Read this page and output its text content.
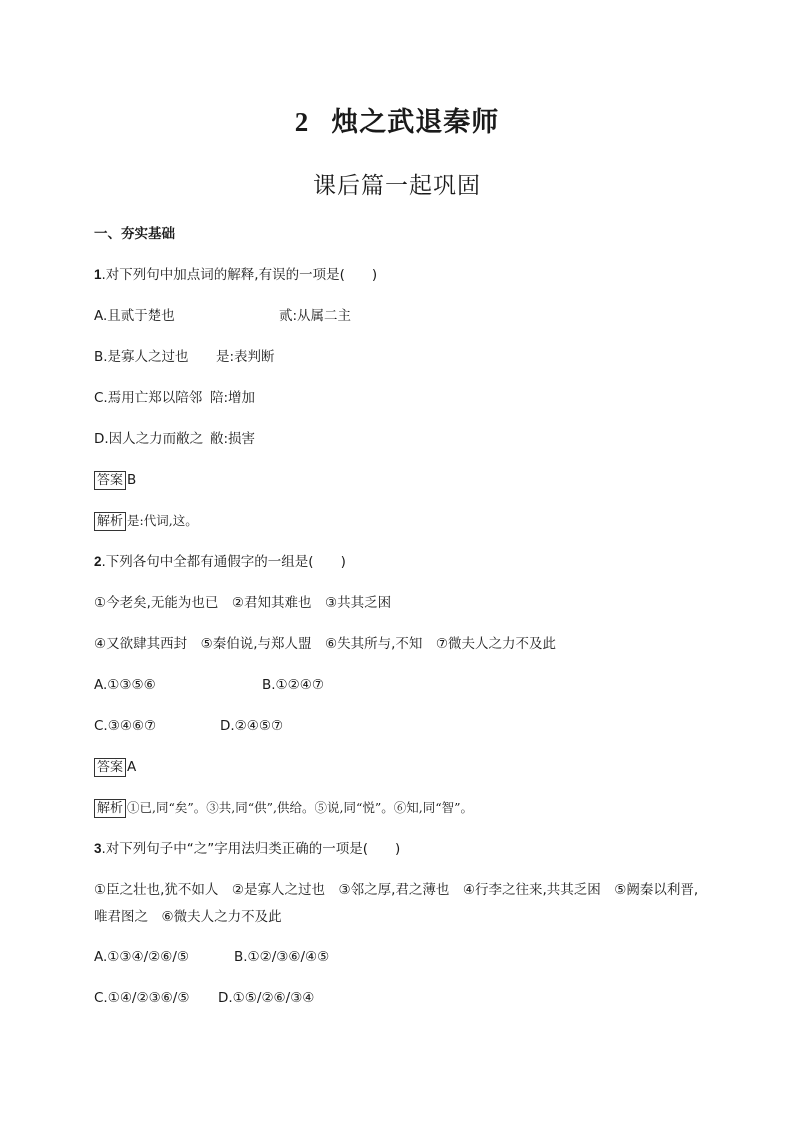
2 烛之武退秦师
课后篇一起巩固
一、夯实基础
1.对下列句中加点词的解释,有误的一项是(　　)
A.且贰于楚也	贰:从属二主
B.是寡人之过也 是:表判断
C.焉用亡郑以陪邻 陪:增加
D.因人之力而敝之 敝:损害
答案 B
解析 是:代词,这。
2.下列各句中全都有通假字的一组是(　　)
①今老矣,无能为也已　②君知其难也　③共其乏困
④又欲肆其西封　⑤秦伯说,与郑人盟　⑥失其所与,不知　⑦微夫人之力不及此
A.①③⑤⑥	B.①②④⑦
C.③④⑥⑦	D.②④⑤⑦
答案 A
解析 ①已,同“矣”。③共,同“供”,供给。⑤说,同“悦”。⑥知,同“智”。
3.对下列句子中“之”字用法归类正确的一项是(　　)
①臣之壮也,犹不如人　②是寡人之过也　③邻之厚,君之薄也　④行李之往来,共其乏困　⑤阙秦以利晋,唯君图之　⑥微夫人之力不及此
A.①③④/②⑥/⑤	B.①②/③⑥/④⑤
C.①④/②③⑥/⑤ D.①⑤/②⑥/③④
